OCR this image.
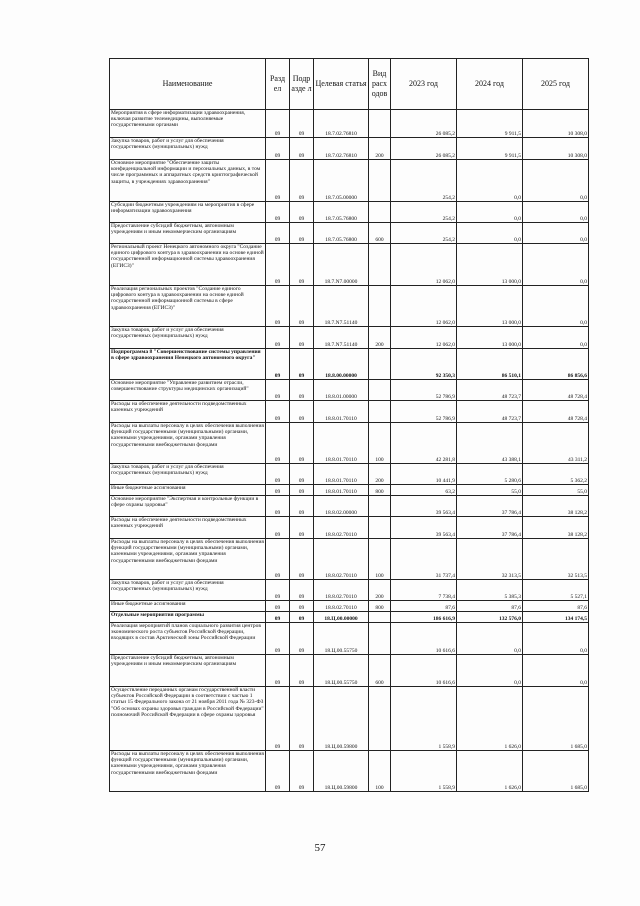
Наименование	Разд ел	Подр азде л	Целевая статья	Вид расх одов	2023 год	2024 год	2025 год
Мероприятия в сфере информатизации здравоохранения, включая развитие телемедицины, выполняемые государственными органами	09	09	18.7.02.76810		26 085,2	9 911,5	10 308,0
Закупка товаров, работ и услуг для обеспечения государственных (муниципальных) нужд	09	09	18.7.02.76810	200	26 085,2	9 911,5	10 308,0
Основное мероприятие "Обеспечение защиты конфиденциальной информации и персональных данных, в том числе программных и аппаратных средств криптографической защиты, в учреждениях здравоохранения"	09	09	18.7.05.00000		254,2	0,0	0,0
Субсидии бюджетным учреждениям на мероприятия в сфере информатизации здравоохранения	09	09	18.7.05.76800		254,2	0,0	0,0
Предоставление субсидий бюджетным, автономным учреждениям и иным некоммерческим организациям	09	09	18.7.05.76800	600	254,2	0,0	0,0
Региональный проект Ненецкого автономного округа "Создание единого цифрового контура в здравоохранении на основе единой государственной информационной системы здравоохранения (ЕГИСЗ)"	09	09	18.7.N7.00000		12 062,0	13 000,0	0,0
Реализация региональных проектов "Создание единого цифрового контура в здравоохранении на основе единой государственной информационной системы в сфере здравоохранения (ЕГИСЗ)"	09	09	18.7.N7.51140		12 062,0	13 000,0	0,0
Закупка товаров, работ и услуг для обеспечения государственных (муниципальных) нужд	09	09	18.7.N7.51140	200	12 062,0	13 000,0	0,0
Подпрограмма 8 "Совершенствование системы управления в сфере здравоохранения Ненецкого автономного округа"	09	09	18.8.00.00000		92 350,3	86 510,1	86 856,6
Основное мероприятие "Управление развитием отрасли, совершенствование структуры медицинских организаций"	09	09	18.8.01.00000		52 786,9	48 723,7	48 728,4
Расходы на обеспечение деятельности подведомственных казенных учреждений	09	09	18.8.01.70110		52 786,9	48 723,7	48 728,4
Расходы на выплаты персоналу в целях обеспечения выполнения функций государственными (муниципальными) органами, казенными учреждениями, органами управления государственными внебюджетными фондами	09	09	18.8.01.70110	100	42 281,8	43 388,1	43 311,2
Закупка товаров, работ и услуг для обеспечения государственных (муниципальных) нужд	09	09	18.8.01.70110	200	10 441,9	5 280,6	5 362,2
Иные бюджетные ассигнования	09	09	18.8.01.70110	800	63,2	55,0	55,0
Основное мероприятие "Экспертная и контрольные функции в сфере охраны здоровья"	09	09	18.8.02.00000		39 563,4	37 786,4	38 128,2
Расходы на обеспечение деятельности подведомственных казенных учреждений	09	09	18.8.02.70110		39 563,4	37 786,4	38 128,2
Расходы на выплаты персоналу в целях обеспечения выполнения функций государственными (муниципальными) органами, казенными учреждениями, органами управления государственными внебюджетными фондами	09	09	18.8.02.70110	100	31 737,4	32 313,5	32 513,5
Закупка товаров, работ и услуг для обеспечения государственных (муниципальных) нужд	09	09	18.8.02.70110	200	7 738,4	5 385,3	5 527,1
Иные бюджетные ассигнования	09	09	18.8.02.70110	800	87,6	87,6	87,6
Отдельные мероприятия программы	09	09	18.Ц.00.00000		186 616,9	132 576,0	134 174,5
Реализация мероприятий планов социального развития центров экономического роста субъектов Российской Федерации, входящих в состав Арктической зоны Российской Федерации	09	09	18.Ц.00.55750		10 616,6	0,0	0,0
Предоставление субсидий бюджетным, автономным учреждениям и иным некоммерческим организациям	09	09	18.Ц.00.55750	600	10 616,6	0,0	0,0
Осуществление переданных органам государственной власти субъектов Российской Федерации в соответствии с частью 1 статьи 15 Федерального закона от 21 ноября 2011 года № 323-ФЗ "Об основах охраны здоровья граждан в Российской Федерации" полномочий Российской Федерации в сфере охраны здоровья	09	09	18.Ц.00.59800		1 558,9	1 626,0	1 685,0
Расходы на выплаты персоналу в целях обеспечения выполнения функций государственными (муниципальными) органами, казенными учреждениями, органами управления государственными внебюджетными фондами	09	09	18.Ц.00.59800	100	1 558,9	1 626,0	1 685,0
57
